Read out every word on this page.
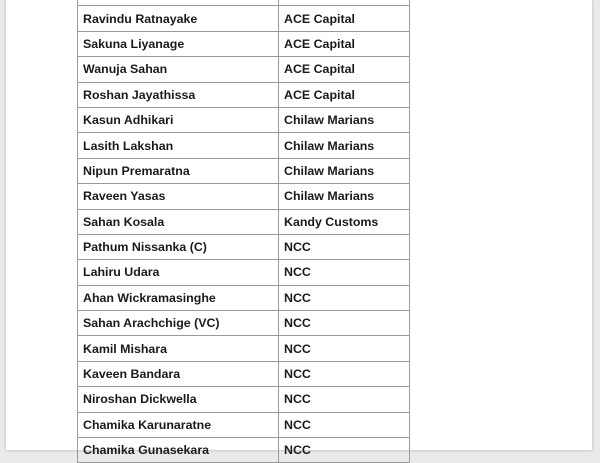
Ravindu Ratnayake	ACE Capital
Sakuna Liyanage	ACE Capital
Wanuja Sahan	ACE Capital
Roshan Jayathissa	ACE Capital
Kasun Adhikari	Chilaw Marians
Lasith Lakshan	Chilaw Marians
Nipun Premaratna	Chilaw Marians
Raveen Yasas	Chilaw Marians
Sahan Kosala	Kandy Customs
Pathum Nissanka (C)	NCC
Lahiru Udara	NCC
Ahan Wickramasinghe	NCC
Sahan Arachchige (VC)	NCC
Kamil Mishara	NCC
Kaveen Bandara	NCC
Niroshan Dickwella	NCC
Chamika Karunaratne	NCC
Chamika Gunasekara	NCC
